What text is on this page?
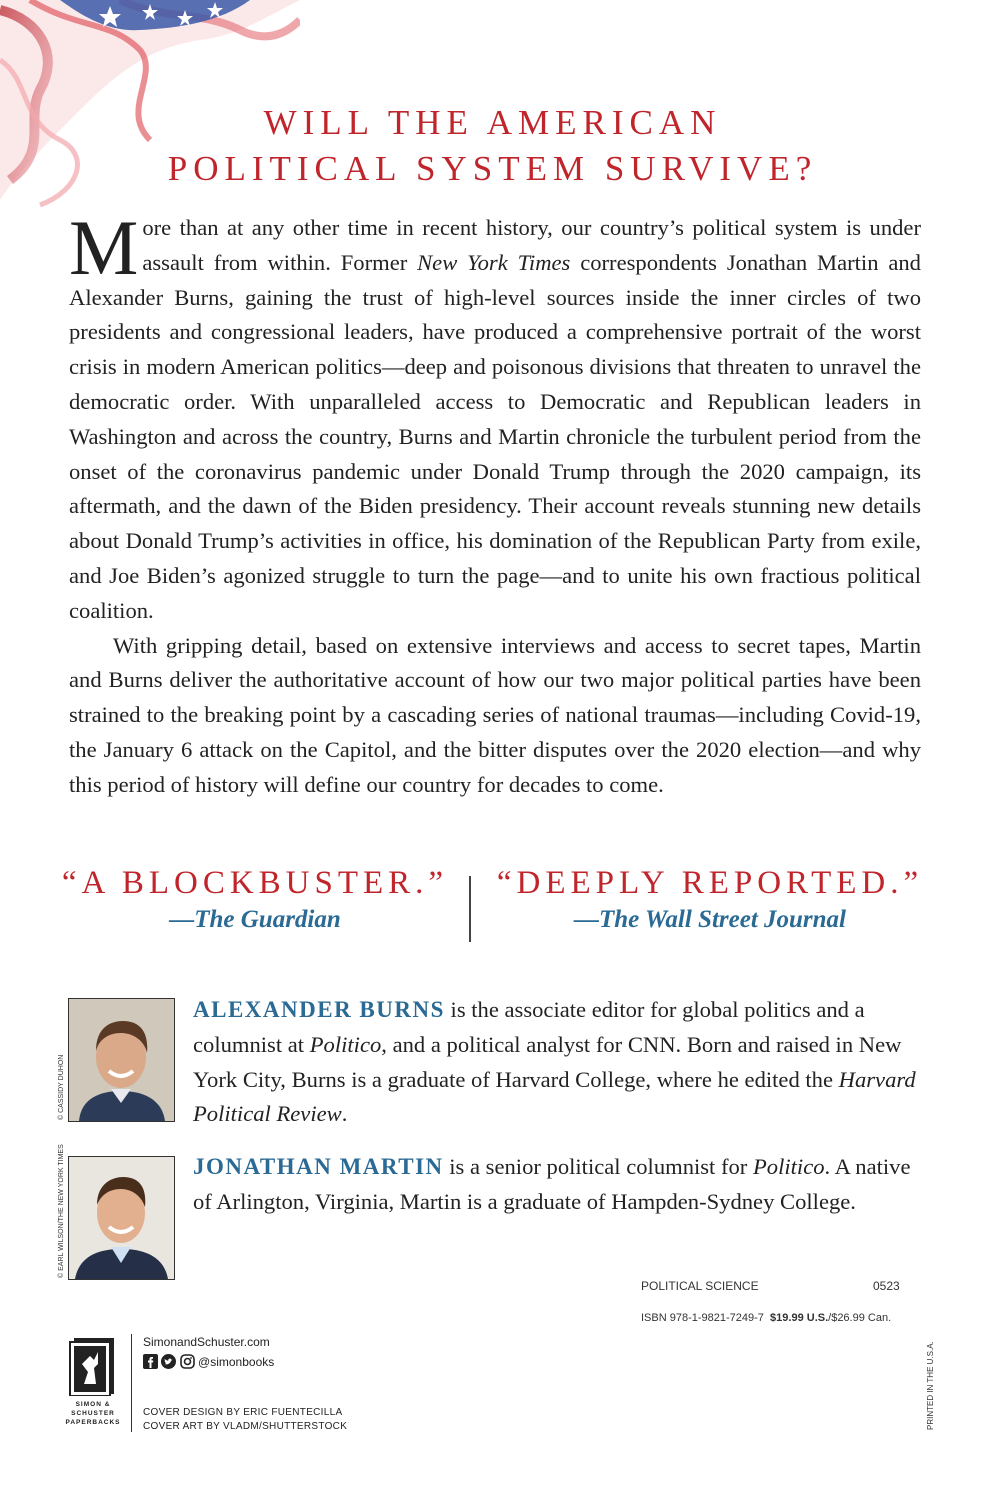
WILL THE AMERICAN
POLITICAL SYSTEM SURVIVE?

More than at any other time in recent history, our country’s political system is under assault from within. Former New York Times correspondents Jonathan Martin and Alexander Burns, gaining the trust of high-level sources inside the inner circles of two presidents and congressional leaders, have produced a comprehensive portrait of the worst crisis in modern American politics—deep and poisonous divisions that threaten to unravel the democratic order. With unparalleled access to Democratic and Republican leaders in Washington and across the country, Burns and Martin chronicle the turbulent period from the onset of the coronavirus pandemic under Donald Trump through the 2020 campaign, its aftermath, and the dawn of the Biden presidency. Their account reveals stunning new details about Donald Trump’s activities in office, his domination of the Republican Party from exile, and Joe Biden’s agonized struggle to turn the page—and to unite his own fractious political coalition.

With gripping detail, based on extensive interviews and access to secret tapes, Martin and Burns deliver the authoritative account of how our two major political parties have been strained to the breaking point by a cascading series of national traumas—including Covid-19, the January 6 attack on the Capitol, and the bitter disputes over the 2020 election—and why this period of history will define our country for decades to come.

“A BLOCKBUSTER.”
—The Guardian
“DEEPLY REPORTED.”
—The Wall Street Journal
© CASSIDY DUHON
ALEXANDER BURNS is the associate editor for global politics and a columnist at Politico, and a political analyst for CNN. Born and raised in New York City, Burns is a graduate of Harvard College, where he edited the Harvard Political Review.
© EARL WILSON/THE NEW YORK TIMES	JONATHAN MARTIN is a senior political columnist for Politico. A native of Arlington, Virginia, Martin is a graduate of Hampden-Sydney College.
POLITICAL SCIENCE	0523
ISBN 978-1-9821-7249-7 $19.99 U.S./$26.99 Can.
SIMON & SCHUSTER PAPERBACKS
SimonandSchuster.com
@simonbooks
COVER DESIGN BY ERIC FUENTECILLA
COVER ART BY VLADM/SHUTTERSTOCK	PRINTED IN THE U.S.A.
